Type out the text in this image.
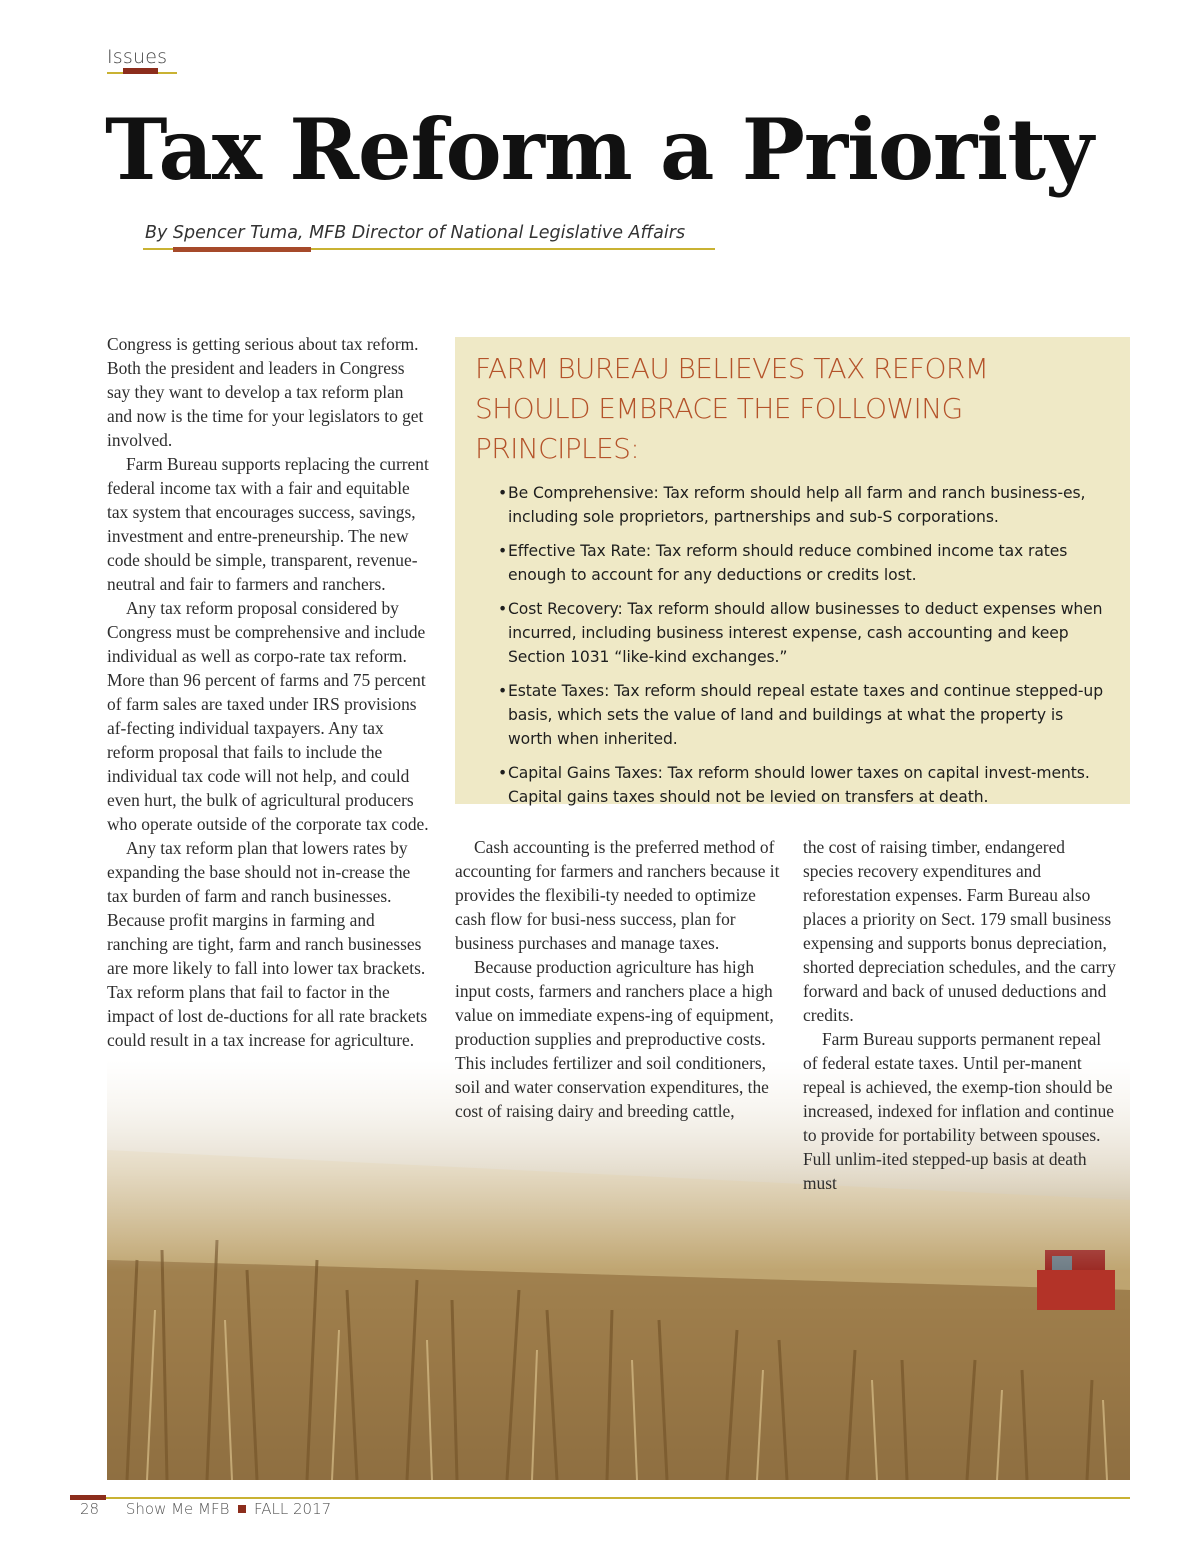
Issues
Tax Reform a Priority
By Spencer Tuma, MFB Director of National Legislative Affairs

Congress is getting serious about tax reform. Both the president and leaders in Congress say they want to develop a tax reform plan and now is the time for your legislators to get involved.

Farm Bureau supports replacing the current federal income tax with a fair and equitable tax system that encourages success, savings, investment and entre-preneurship. The new code should be simple, transparent, revenue-neutral and fair to farmers and ranchers.

Any tax reform proposal considered by Congress must be comprehensive and include individual as well as corpo-rate tax reform. More than 96 percent of farms and 75 percent of farm sales are taxed under IRS provisions af-fecting individual taxpayers. Any tax reform proposal that fails to include the individual tax code will not help, and could even hurt, the bulk of agricultural producers who operate outside of the corporate tax code.

Any tax reform plan that lowers rates by expanding the base should not in-crease the tax burden of farm and ranch businesses. Because profit margins in farming and ranching are tight, farm and ranch businesses are more likely to fall into lower tax brackets. Tax reform plans that fail to factor in the impact of lost de-ductions for all rate brackets could result in a tax increase for agriculture.

FARM BUREAU BELIEVES TAX REFORM SHOULD EMBRACE THE FOLLOWING PRINCIPLES:
• Be Comprehensive: Tax reform should help all farm and ranch business-es, including sole proprietors, partnerships and sub-S corporations.
• Effective Tax Rate: Tax reform should reduce combined income tax rates enough to account for any deductions or credits lost.
• Cost Recovery: Tax reform should allow businesses to deduct expenses when incurred, including business interest expense, cash accounting and keep Section 1031 “like-kind exchanges.”
• Estate Taxes: Tax reform should repeal estate taxes and continue stepped-up basis, which sets the value of land and buildings at what the property is worth when inherited.
• Capital Gains Taxes: Tax reform should lower taxes on capital invest-ments. Capital gains taxes should not be levied on transfers at death.

Cash accounting is the preferred method of accounting for farmers and ranchers because it provides the flexibili-ty needed to optimize cash flow for busi-ness success, plan for business purchases and manage taxes.

Because production agriculture has high input costs, farmers and ranchers place a high value on immediate expens-ing of equipment, production supplies and preproductive costs. This includes fertilizer and soil conditioners, soil and water conservation expenditures, the cost of raising dairy and breeding cattle,

the cost of raising timber, endangered species recovery expenditures and reforestation expenses. Farm Bureau also places a priority on Sect. 179 small business expensing and supports bonus depreciation, shorted depreciation schedules, and the carry forward and back of unused deductions and credits.

Farm Bureau supports permanent repeal of federal estate taxes. Until per-manent repeal is achieved, the exemp-tion should be increased, indexed for inflation and continue to provide for portability between spouses. Full unlim-ited stepped-up basis at death must

28 Show Me MFB FALL 2017
